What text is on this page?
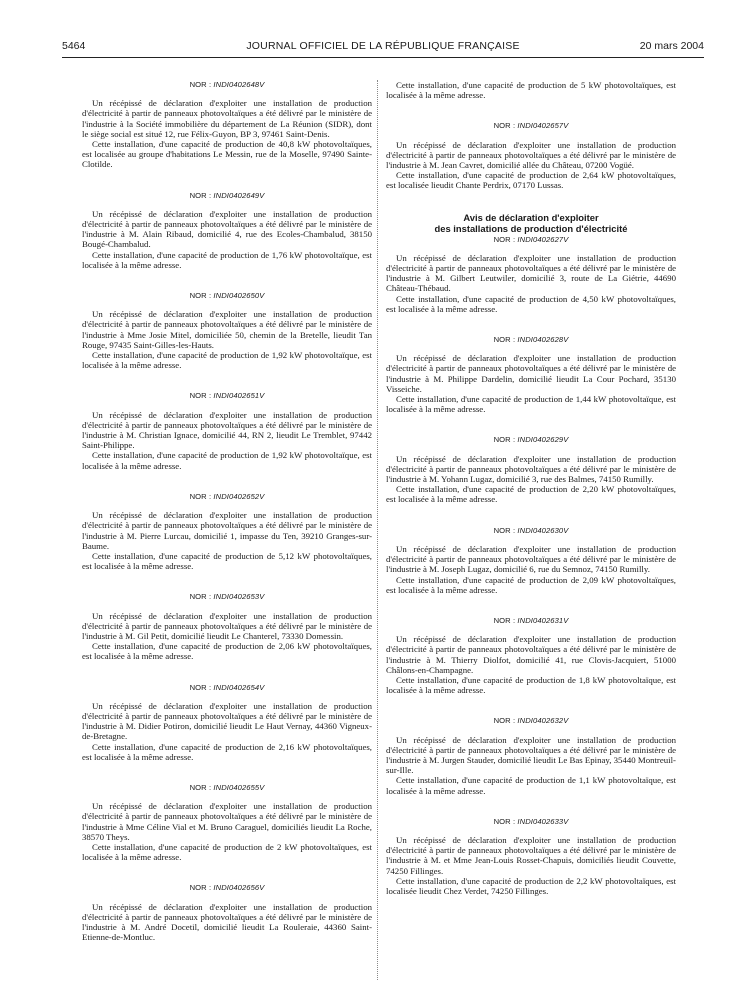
5464	JOURNAL OFFICIEL DE LA RÉPUBLIQUE FRANÇAISE	20 mars 2004
NOR : INDI0402648V

Un récépissé de déclaration d'exploiter une installation de production d'électricité à partir de panneaux photovoltaïques a été délivré par le ministère de l'industrie à la Société immobilière du département de La Réunion (SIDR), dont le siège social est situé 12, rue Félix-Guyon, BP 3, 97461 Saint-Denis.

Cette installation, d'une capacité de production de 40,8 kW photovoltaïques, est localisée au groupe d'habitations Le Messin, rue de la Moselle, 97490 Sainte-Clotilde.

NOR : INDI0402649V

Un récépissé de déclaration d'exploiter une installation de production d'électricité à partir de panneaux photovoltaïques a été délivré par le ministère de l'industrie à M. Alain Ribaud, domicilié 4, rue des Ecoles-Chambalud, 38150 Bougé-Chambalud.

Cette installation, d'une capacité de production de 1,76 kW photovoltaïque, est localisée à la même adresse.

NOR : INDI0402650V

Un récépissé de déclaration d'exploiter une installation de production d'électricité à partir de panneaux photovoltaïques a été délivré par le ministère de l'industrie à Mme Josie Mitel, domiciliée 50, chemin de la Bretelle, lieudit Tan Rouge, 97435 Saint-Gilles-les-Hauts.

Cette installation, d'une capacité de production de 1,92 kW photovoltaïque, est localisée à la même adresse.

NOR : INDI0402651V

Un récépissé de déclaration d'exploiter une installation de production d'électricité à partir de panneaux photovoltaïques a été délivré par le ministère de l'industrie à M. Christian Ignace, domicilié 44, RN 2, lieudit Le Tremblet, 97442 Saint-Philippe.

Cette installation, d'une capacité de production de 1,92 kW photovoltaïque, est localisée à la même adresse.

NOR : INDI0402652V

Un récépissé de déclaration d'exploiter une installation de production d'électricité à partir de panneaux photovoltaïques a été délivré par le ministère de l'industrie à M. Pierre Lurcau, domicilié 1, impasse du Ten, 39210 Granges-sur-Baume.

Cette installation, d'une capacité de production de 5,12 kW photovoltaïques, est localisée à la même adresse.

NOR : INDI0402653V

Un récépissé de déclaration d'exploiter une installation de production d'électricité à partir de panneaux photovoltaïques a été délivré par le ministère de l'industrie à M. Gil Petit, domicilié lieudit Le Chanterel, 73330 Domessin.

Cette installation, d'une capacité de production de 2,06 kW photovoltaïques, est localisée à la même adresse.

NOR : INDI0402654V

Un récépissé de déclaration d'exploiter une installation de production d'électricité à partir de panneaux photovoltaïques a été délivré par le ministère de l'industrie à M. Didier Potiron, domicilié lieudit Le Haut Vernay, 44360 Vigneux-de-Bretagne.

Cette installation, d'une capacité de production de 2,16 kW photovoltaïques, est localisée à la même adresse.

NOR : INDI0402655V

Un récépissé de déclaration d'exploiter une installation de production d'électricité à partir de panneaux photovoltaïques a été délivré par le ministère de l'industrie à Mme Céline Vial et M. Bruno Caraguel, domiciliés lieudit La Roche, 38570 Theys.

Cette installation, d'une capacité de production de 2 kW photovoltaïques, est localisée à la même adresse.

NOR : INDI0402656V

Un récépissé de déclaration d'exploiter une installation de production d'électricité à partir de panneaux photovoltaïques a été délivré par le ministère de l'industrie à M. André Docetil, domicilié lieudit La Rouleraie, 44360 Saint-Etienne-de-Montluc.

Cette installation, d'une capacité de production de 5 kW photovoltaïques, est localisée à la même adresse.

NOR : INDI0402657V

Un récépissé de déclaration d'exploiter une installation de production d'électricité à partir de panneaux photovoltaïques a été délivré par le ministère de l'industrie à M. Jean Cavret, domicilié allée du Château, 07200 Vogüé.

Cette installation, d'une capacité de production de 2,64 kW photovoltaïques, est localisée lieudit Chante Perdrix, 07170 Lussas.

Avis de déclaration d'exploiter
des installations de production d'électricité
NOR : INDI0402627V

Un récépissé de déclaration d'exploiter une installation de production d'électricité à partir de panneaux photovoltaïques a été délivré par le ministère de l'industrie à M. Gilbert Leutwiler, domicilié 3, route de La Giétrie, 44690 Château-Thébaud.

Cette installation, d'une capacité de production de 4,50 kW photovoltaïques, est localisée à la même adresse.

NOR : INDI0402628V

Un récépissé de déclaration d'exploiter une installation de production d'électricité à partir de panneaux photovoltaïques a été délivré par le ministère de l'industrie à M. Philippe Dardelin, domicilié lieudit La Cour Pochard, 35130 Visseiche.

Cette installation, d'une capacité de production de 1,44 kW photovoltaïque, est localisée à la même adresse.

NOR : INDI0402629V

Un récépissé de déclaration d'exploiter une installation de production d'électricité à partir de panneaux photovoltaïques a été délivré par le ministère de l'industrie à M. Yohann Lugaz, domicilié 3, rue des Balmes, 74150 Rumilly.

Cette installation, d'une capacité de production de 2,20 kW photovoltaïques, est localisée à la même adresse.

NOR : INDI0402630V

Un récépissé de déclaration d'exploiter une installation de production d'électricité à partir de panneaux photovoltaïques a été délivré par le ministère de l'industrie à M. Joseph Lugaz, domicilié 6, rue du Semnoz, 74150 Rumilly.

Cette installation, d'une capacité de production de 2,09 kW photovoltaïques, est localisée à la même adresse.

NOR : INDI0402631V

Un récépissé de déclaration d'exploiter une installation de production d'électricité à partir de panneaux photovoltaïques a été délivré par le ministère de l'industrie à M. Thierry Diolfot, domicilié 41, rue Clovis-Jacquiert, 51000 Châlons-en-Champagne.

Cette installation, d'une capacité de production de 1,8 kW photovoltaïque, est localisée à la même adresse.

NOR : INDI0402632V

Un récépissé de déclaration d'exploiter une installation de production d'électricité à partir de panneaux photovoltaïques a été délivré par le ministère de l'industrie à M. Jurgen Stauder, domicilié lieudit Le Bas Epinay, 35440 Montreuil-sur-Ille.

Cette installation, d'une capacité de production de 1,1 kW photovoltaïque, est localisée à la même adresse.

NOR : INDI0402633V

Un récépissé de déclaration d'exploiter une installation de production d'électricité à partir de panneaux photovoltaïques a été délivré par le ministère de l'industrie à M. et Mme Jean-Louis Rosset-Chapuis, domiciliés lieudit Couvette, 74250 Fillinges.

Cette installation, d'une capacité de production de 2,2 kW photovoltaïques, est localisée lieudit Chez Verdet, 74250 Fillinges.
